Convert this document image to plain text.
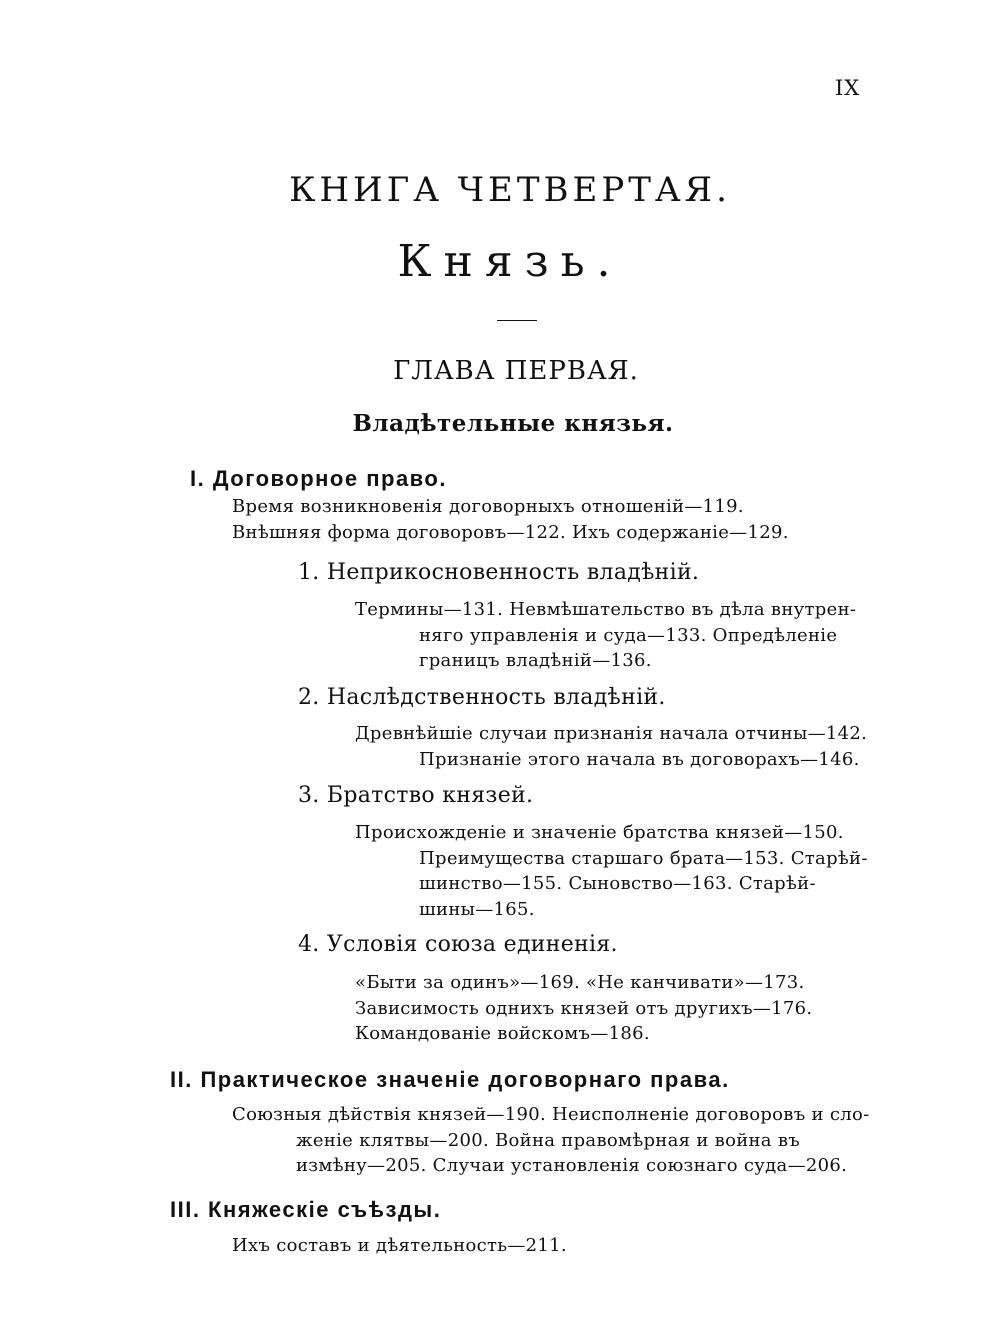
IX
КНИГА ЧЕТВЕРТАЯ.
Князь.
ГЛАВА ПЕРВАЯ.
Владѣтельные князья.
I. Договорное право.
Время возникновенія договорныхъ отношеній—119.
Внѣшняя форма договоровъ—122. Ихъ содержаніе—129.
1. Неприкосновенность владѣній.
Термины—131. Невмѣшательство въ дѣла внутрен-
няго управленія и суда—133. Опредѣленіе
границъ владѣній—136.
2. Наслѣдственность владѣній.
Древнѣйшіе случаи признанія начала отчины—142.
Признаніе этого начала въ договорахъ—146.
3. Братство князей.
Происхожденіе и значеніе братства князей—150.
Преимущества старшаго брата—153. Старѣй-
шинство—155. Сыновство—163. Старѣй-
шины—165.
4. Условія союза единенія.
«Быти за одинъ»—169. «Не канчивати»—173.
Зависимость однихъ князей отъ другихъ—176.
Командованіе войскомъ—186.
II. Практическое значеніе договорнаго права.
Союзныя дѣйствія князей—190. Неисполненіе договоровъ и сло-
женіе клятвы—200. Война правомѣрная и война въ
измѣну—205. Случаи установленія союзнаго суда—206.
III. Княжескіе съѣзды.
Ихъ составъ и дѣятельность—211.
